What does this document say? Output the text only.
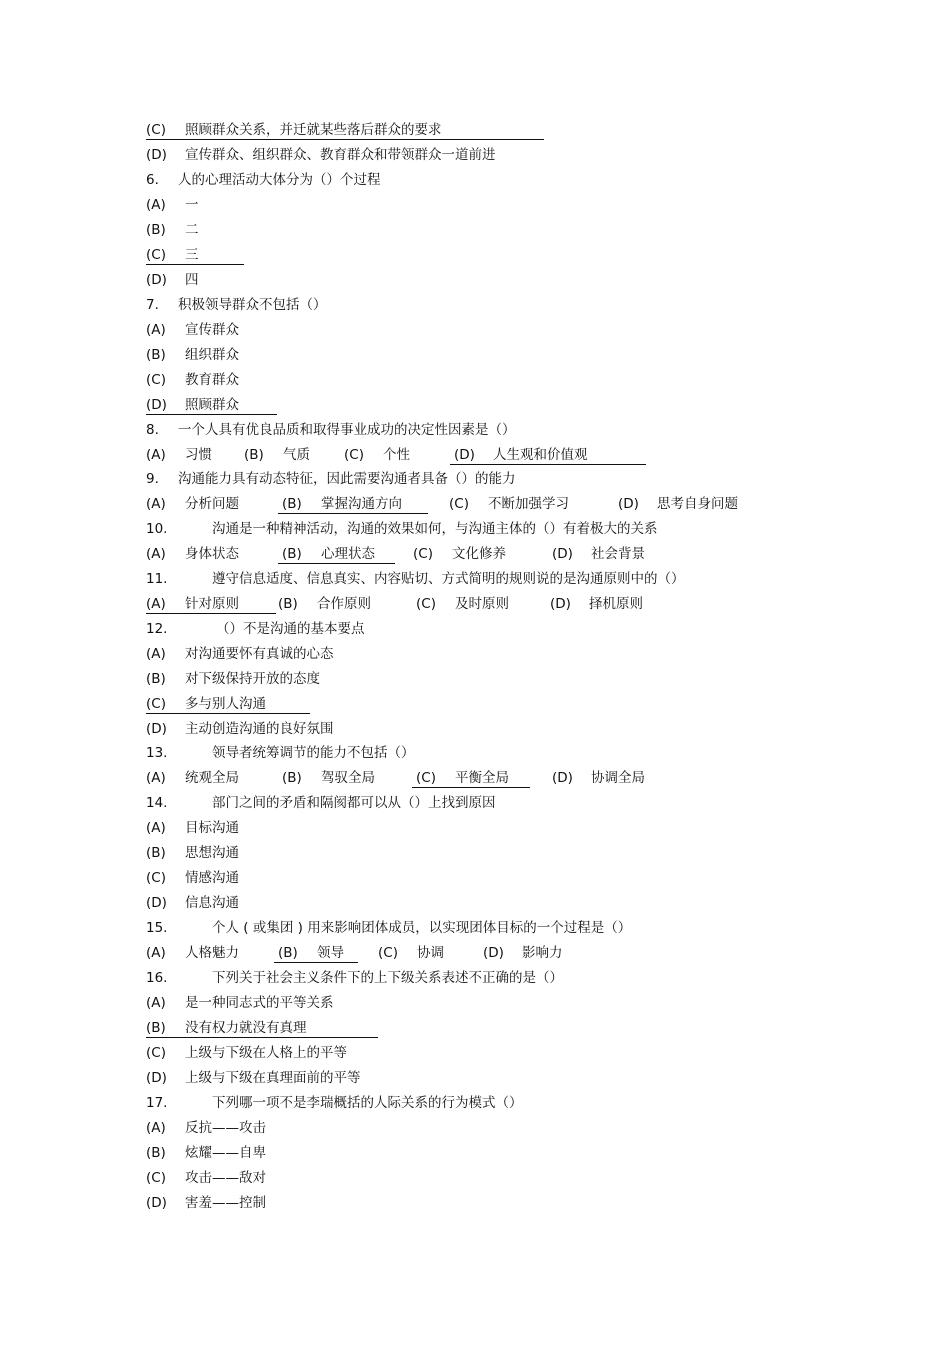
(C) 照顾群众关系，并迁就某些落后群众的要求
(D) 宣传群众、组织群众、教育群众和带领群众一道前进
6. 人的心理活动大体分为（）个过程
(A) 一
(B) 二
(C) 三
(D) 四
7. 积极领导群众不包括（）
(A) 宣传群众
(B) 组织群众
(C) 教育群众
(D) 照顾群众
8. 一个人具有优良品质和取得事业成功的决定性因素是（）
(A) 习惯 (B) 气质	(C) 个性	(D) 人生观和价值观
9. 沟通能力具有动态特征，因此需要沟通者具备（）的能力
(A) 分析问题	(B) 掌握沟通方向	(C) 不断加强学习	(D) 思考自身问题
10.	沟通是一种精神活动，沟通的效果如何，与沟通主体的（）有着极大的关系
(A) 身体状态	(B) 心理状态	(C) 文化修养	(D) 社会背景
11.	遵守信息适度、信息真实、内容贴切、方式简明的规则说的是沟通原则中的（）
(A) 针对原则	(B) 合作原则	(C) 及时原则	(D) 择机原则
12.	（）不是沟通的基本要点
(A) 对沟通要怀有真诚的心态
(B) 对下级保持开放的态度
(C) 多与别人沟通
(D) 主动创造沟通的良好氛围
13.	领导者统筹调节的能力不包括（）
(A) 统观全局	(B) 驾驭全局	(C) 平衡全局	(D) 协调全局
14.	部门之间的矛盾和隔阂都可以从（）上找到原因
(A) 目标沟通
(B) 思想沟通
(C) 情感沟通
(D) 信息沟通
15.	个人 ( 或集团 ) 用来影响团体成员，以实现团体目标的一个过程是（）
(A) 人格魅力	(B) 领导	(C) 协调	(D) 影响力
16.	下列关于社会主义条件下的上下级关系表述不正确的是（）
(A) 是一种同志式的平等关系
(B) 没有权力就没有真理
(C) 上级与下级在人格上的平等
(D) 上级与下级在真理面前的平等
17.	下列哪一项不是李瑞概括的人际关系的行为模式（）
(A) 反抗——攻击
(B) 炫耀——自卑
(C) 攻击——敌对
(D) 害羞——控制
